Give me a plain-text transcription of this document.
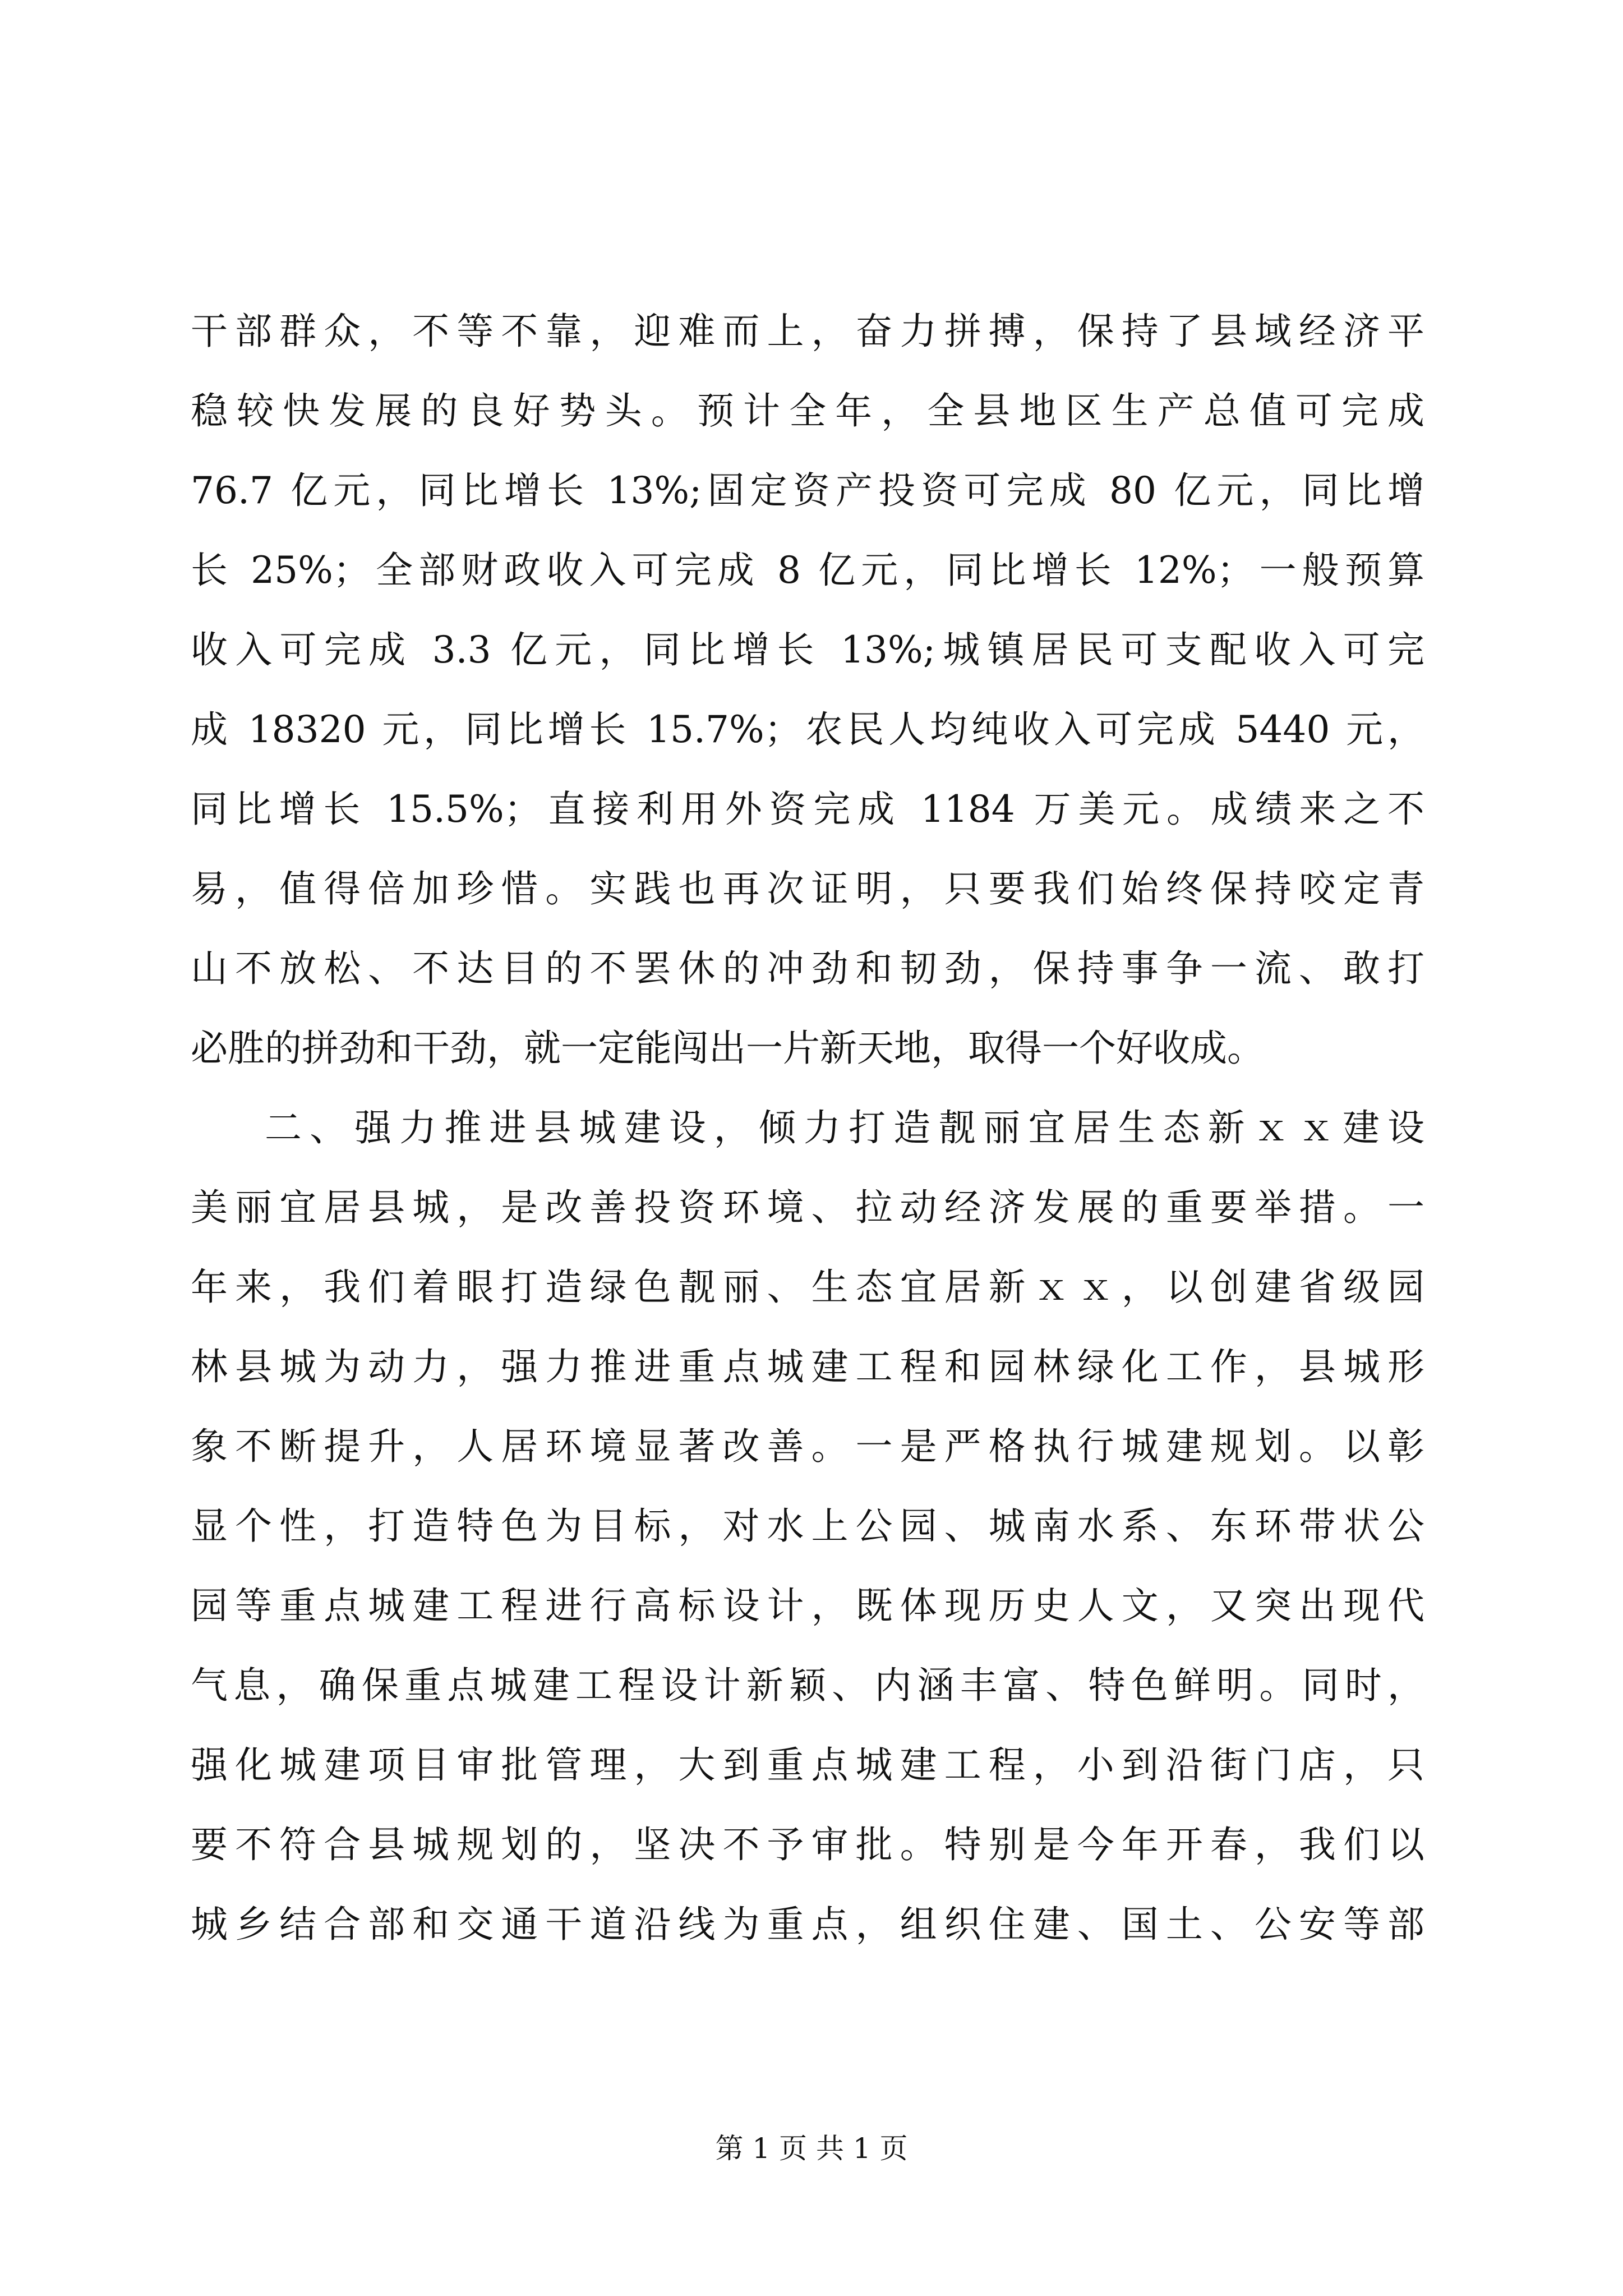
干部群众，不等不靠，迎难而上，奋力拼搏，保持了县域经济平
稳较快发展的良好势头。预计全年，全县地区生产总值可完成
76.7 亿元，同比增长 13%;固定资产投资可完成 80 亿元，同比增
长 25%；全部财政收入可完成 8 亿元，同比增长 12%；一般预算
收入可完成 3.3 亿元，同比增长 13%;城镇居民可支配收入可完
成 18320 元，同比增长 15.7%；农民人均纯收入可完成 5440 元，
同比增长 15.5%；直接利用外资完成 1184 万美元。成绩来之不
易，值得倍加珍惜。实践也再次证明，只要我们始终保持咬定青
山不放松、不达目的不罢休的冲劲和韧劲，保持事争一流、敢打
必胜的拼劲和干劲，就一定能闯出一片新天地，取得一个好收成。
二、强力推进县城建设，倾力打造靓丽宜居生态新ｘｘ建设
美丽宜居县城，是改善投资环境、拉动经济发展的重要举措。一
年来，我们着眼打造绿色靓丽、生态宜居新ｘｘ，以创建省级园
林县城为动力，强力推进重点城建工程和园林绿化工作，县城形
象不断提升，人居环境显著改善。一是严格执行城建规划。以彰
显个性，打造特色为目标，对水上公园、城南水系、东环带状公
园等重点城建工程进行高标设计，既体现历史人文，又突出现代
气息，确保重点城建工程设计新颖、内涵丰富、特色鲜明。同时，
强化城建项目审批管理，大到重点城建工程，小到沿街门店，只
要不符合县城规划的，坚决不予审批。特别是今年开春，我们以
城乡结合部和交通干道沿线为重点，组织住建、国土、公安等部
第 1 页 共 1 页
